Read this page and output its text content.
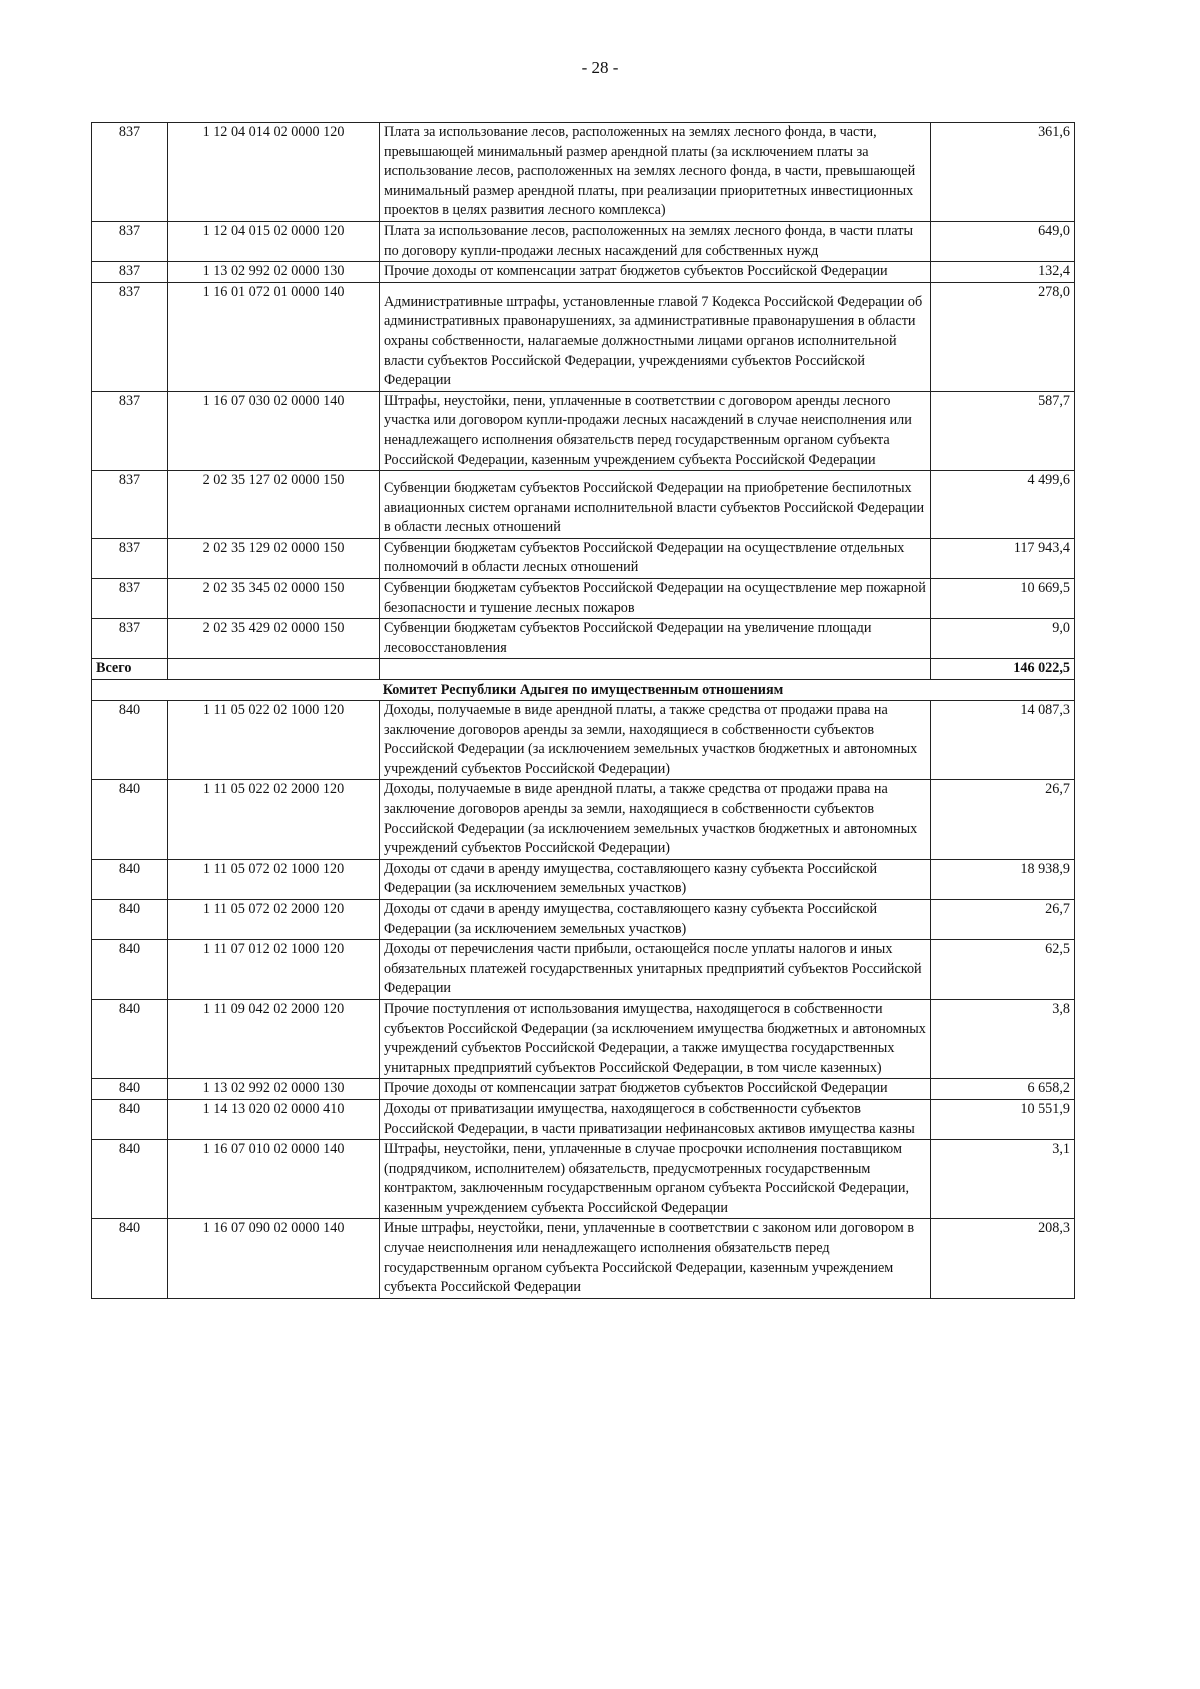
- 28 -
837	1 12 04 014 02 0000 120	Плата за использование лесов, расположенных на землях лесного фонда, в части, превышающей минимальный размер арендной платы (за исключением платы за использование лесов, расположенных на землях лесного фонда, в части, превышающей минимальный размер арендной платы, при реализации приоритетных инвестиционных проектов в целях развития лесного комплекса)	361,6
837	1 12 04 015 02 0000 120	Плата за использование лесов, расположенных на землях лесного фонда, в части платы по договору купли-продажи лесных насаждений для собственных нужд	649,0
837	1 13 02 992 02 0000 130	Прочие доходы от компенсации затрат бюджетов субъектов Российской Федерации	132,4
837	1 16 01 072 01 0000 140	Административные штрафы, установленные главой 7 Кодекса Российской Федерации об административных правонарушениях, за административные правонарушения в области охраны собственности, налагаемые должностными лицами органов исполнительной власти субъектов Российской Федерации, учреждениями субъектов Российской Федерации	278,0
837	1 16 07 030 02 0000 140	Штрафы, неустойки, пени, уплаченные в соответствии с договором аренды лесного участка или договором купли-продажи лесных насаждений в случае неисполнения или ненадлежащего исполнения обязательств перед государственным органом субъекта Российской Федерации, казенным учреждением субъекта Российской Федерации	587,7
837	2 02 35 127 02 0000 150	Субвенции бюджетам субъектов Российской Федерации на приобретение беспилотных авиационных систем органами исполнительной власти субъектов Российской Федерации в области лесных отношений	4 499,6
837	2 02 35 129 02 0000 150	Субвенции бюджетам субъектов Российской Федерации на осуществление отдельных полномочий в области лесных отношений	117 943,4
837	2 02 35 345 02 0000 150	Субвенции бюджетам субъектов Российской Федерации на осуществление мер пожарной безопасности и тушение лесных пожаров	10 669,5
837	2 02 35 429 02 0000 150	Субвенции бюджетам субъектов Российской Федерации на увеличение площади лесовосстановления	9,0
Всего			146 022,5
Комитет Республики Адыгея по имущественным отношениям			
840	1 11 05 022 02 1000 120	Доходы, получаемые в виде арендной платы, а также средства от продажи права на заключение договоров аренды за земли, находящиеся в собственности субъектов Российской Федерации (за исключением земельных участков бюджетных и автономных учреждений субъектов Российской Федерации)	14 087,3
840	1 11 05 022 02 2000 120	Доходы, получаемые в виде арендной платы, а также средства от продажи права на заключение договоров аренды за земли, находящиеся в собственности субъектов Российской Федерации (за исключением земельных участков бюджетных и автономных учреждений субъектов Российской Федерации)	26,7
840	1 11 05 072 02 1000 120	Доходы от сдачи в аренду имущества, составляющего казну субъекта Российской Федерации (за исключением земельных участков)	18 938,9
840	1 11 05 072 02 2000 120	Доходы от сдачи в аренду имущества, составляющего казну субъекта Российской Федерации (за исключением земельных участков)	26,7
840	1 11 07 012 02 1000 120	Доходы от перечисления части прибыли, остающейся после уплаты налогов и иных обязательных платежей государственных унитарных предприятий субъектов Российской Федерации	62,5
840	1 11 09 042 02 2000 120	Прочие поступления от использования имущества, находящегося в собственности субъектов Российской Федерации (за исключением имущества бюджетных и автономных учреждений субъектов Российской Федерации, а также имущества государственных унитарных предприятий субъектов Российской Федерации, в том числе казенных)	3,8
840	1 13 02 992 02 0000 130	Прочие доходы от компенсации затрат бюджетов субъектов Российской Федерации	6 658,2
840	1 14 13 020 02 0000 410	Доходы от приватизации имущества, находящегося в собственности субъектов Российской Федерации, в части приватизации нефинансовых активов имущества казны	10 551,9
840	1 16 07 010 02 0000 140	Штрафы, неустойки, пени, уплаченные в случае просрочки исполнения поставщиком (подрядчиком, исполнителем) обязательств, предусмотренных государственным контрактом, заключенным государственным органом субъекта Российской Федерации, казенным учреждением субъекта Российской Федерации	3,1
840	1 16 07 090 02 0000 140	Иные штрафы, неустойки, пени, уплаченные в соответствии с законом или договором в случае неисполнения или ненадлежащего исполнения обязательств перед государственным органом субъекта Российской Федерации, казенным учреждением субъекта Российской Федерации	208,3
